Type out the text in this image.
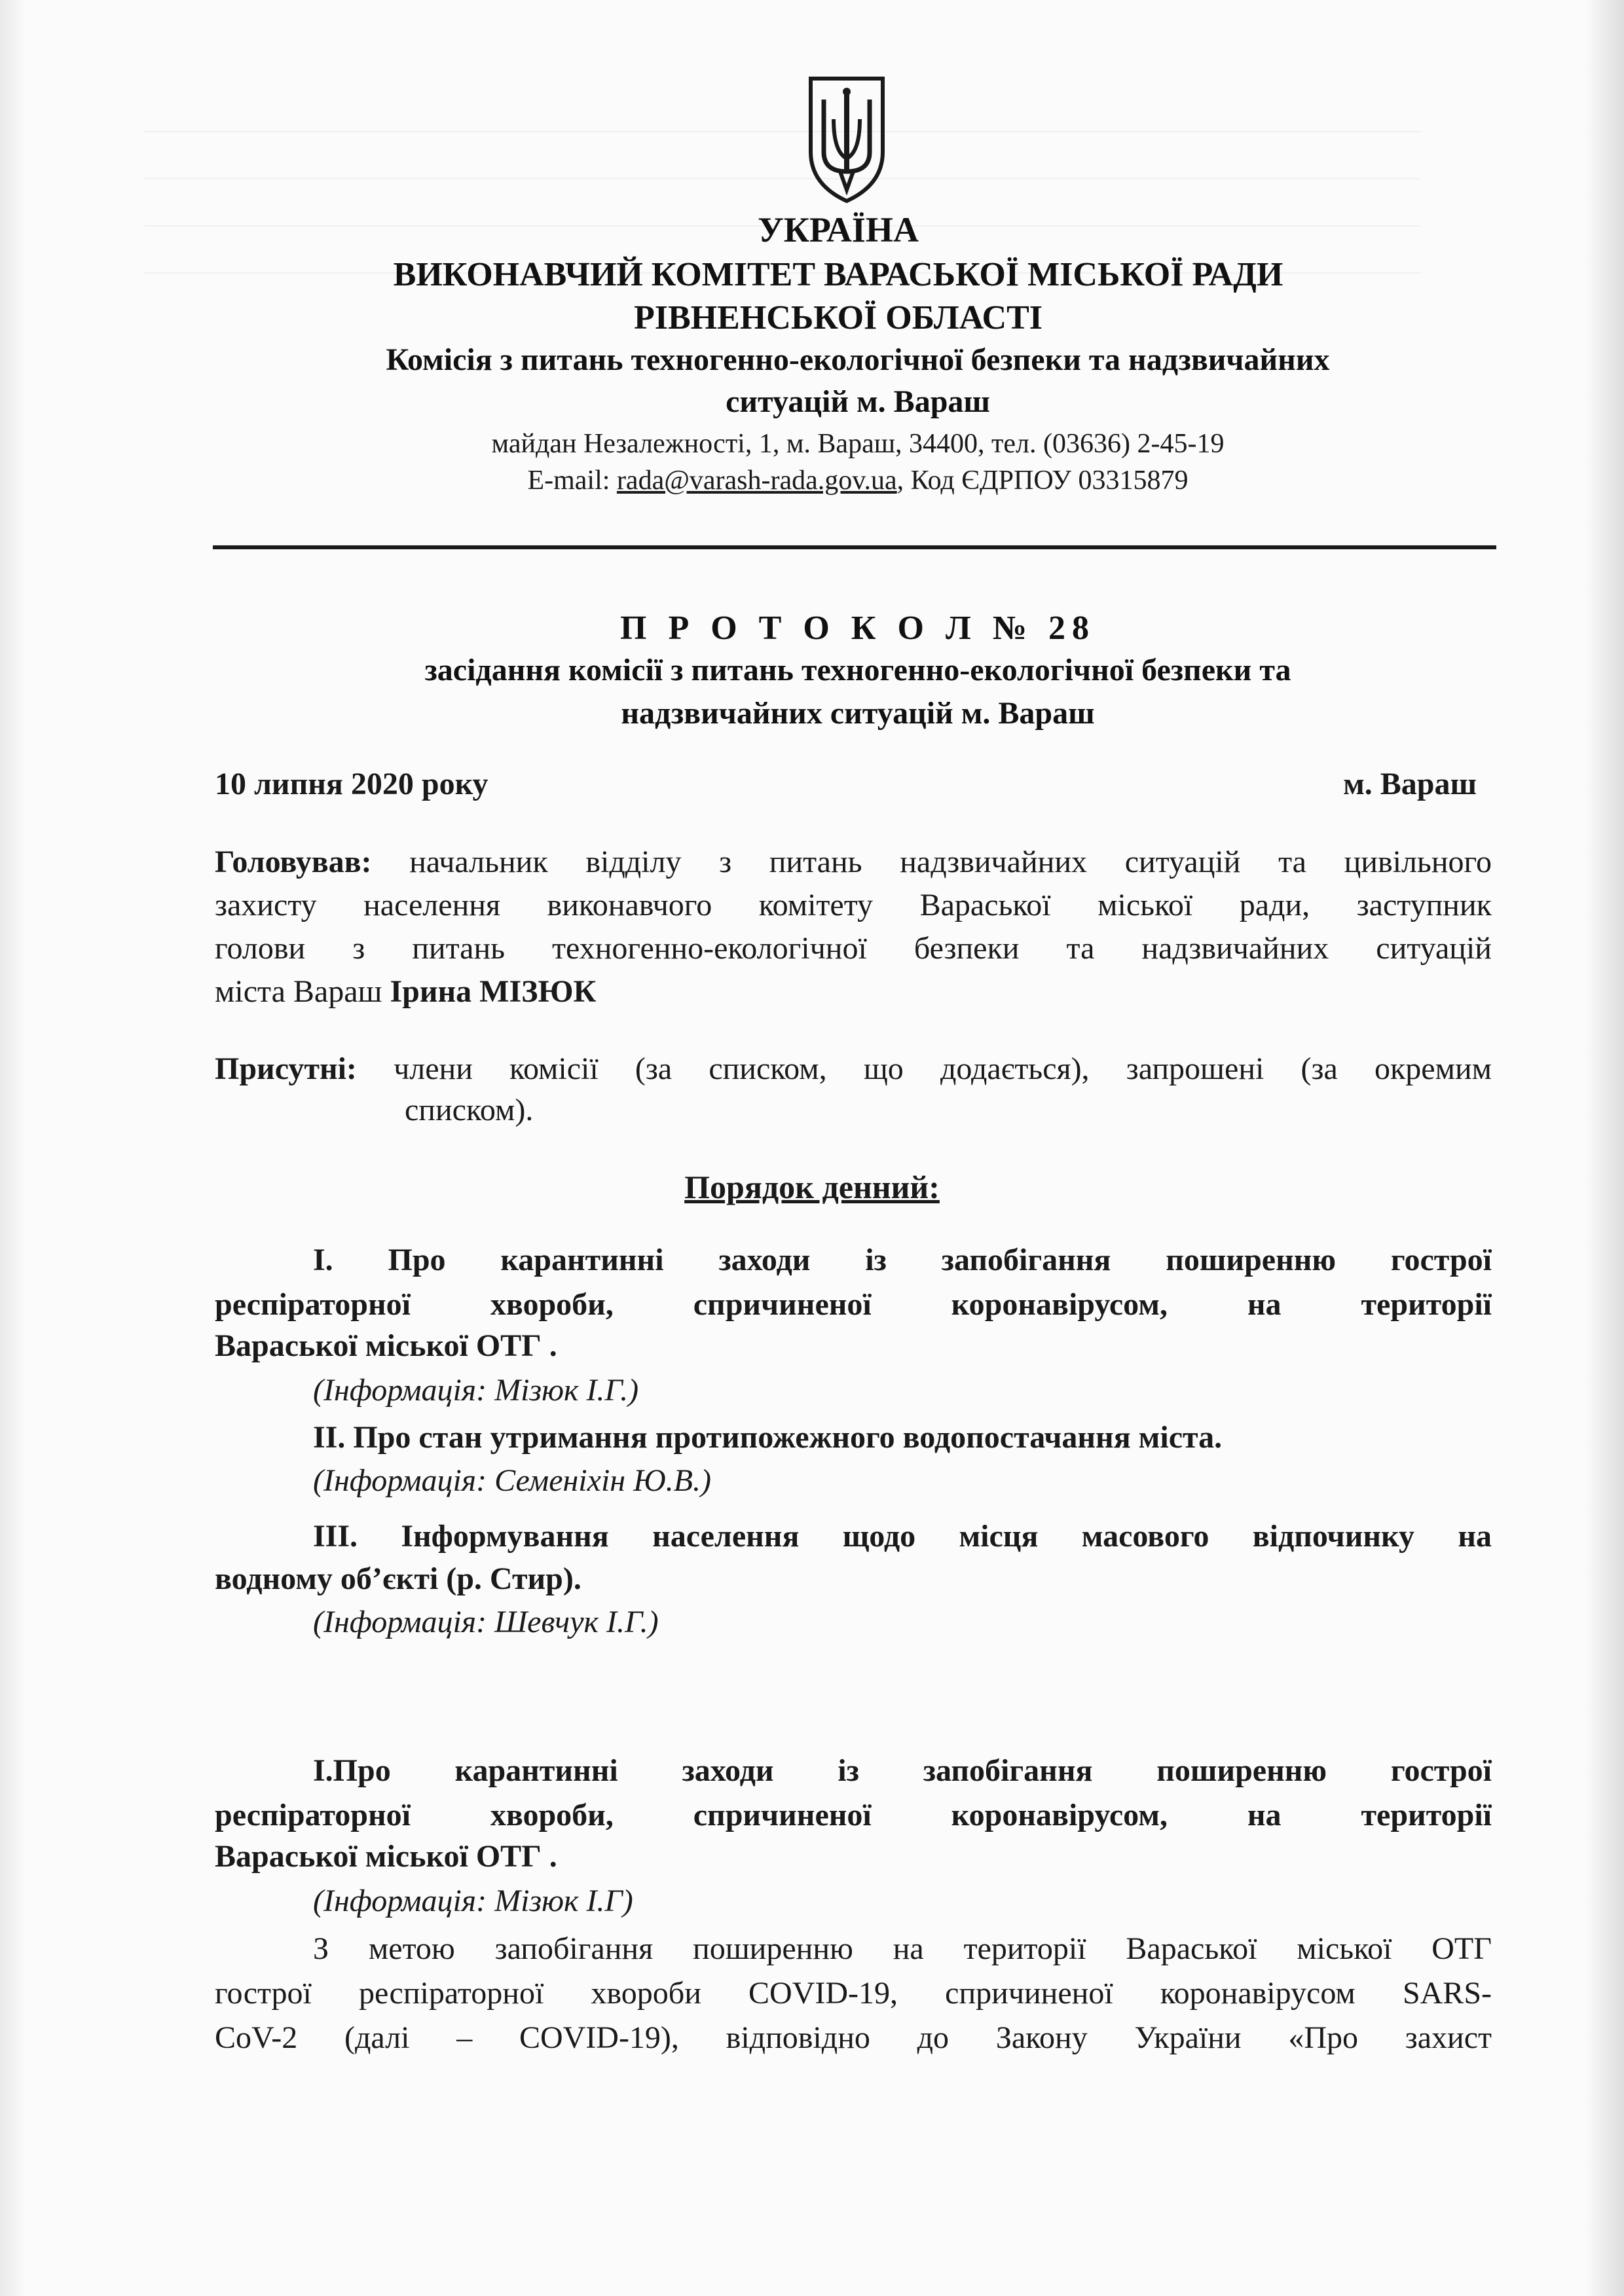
УКРАЇНА
ВИКОНАВЧИЙ КОМІТЕТ ВАРАСЬКОЇ МІСЬКОЇ РАДИ
РІВНЕНСЬКОЇ ОБЛАСТІ
Комісія з питань техногенно-екологічної безпеки та надзвичайних
ситуацій м. Вараш
майдан Незалежності, 1, м. Вараш, 34400, тел. (03636) 2-45-19
E-mail: rada@varash-rada.gov.ua, Код ЄДРПОУ 03315879
П Р О Т О К О Л № 28
засідання комісії з питань техногенно-екологічної безпеки та
надзвичайних ситуацій м. Вараш
10 липня 2020 року	м. Вараш
Головував: начальник відділу з питань надзвичайних ситуацій та цивільного
захисту населення виконавчого комітету Вараської міської ради, заступник
голови з питань техногенно-екологічної безпеки та надзвичайних ситуацій
міста Вараш Ірина МІЗЮК
Присутні: члени комісії (за списком, що додається), запрошені (за окремим
списком).
Порядок денний:
І. Про карантинні заходи із запобігання поширенню гострої
респіраторної хвороби, спричиненої коронавірусом, на території
Вараської міської ОТГ .
(Інформація: Мізюк І.Г.)
ІІ. Про стан утримання протипожежного водопостачання міста.
(Інформація: Семеніхін Ю.В.)
ІІІ. Інформування населення щодо місця масового відпочинку на
водному об’єкті (р. Стир).
(Інформація: Шевчук І.Г.)
І.Про карантинні заходи із запобігання поширенню гострої
респіраторної хвороби, спричиненої коронавірусом, на території
Вараської міської ОТГ .
(Інформація: Мізюк І.Г)
З метою запобігання поширенню на території Вараської міської ОТГ
гострої респіраторної хвороби COVID-19, спричиненої коронавірусом SARS-
CoV-2 (далі – COVID-19), відповідно до Закону України «Про захист
